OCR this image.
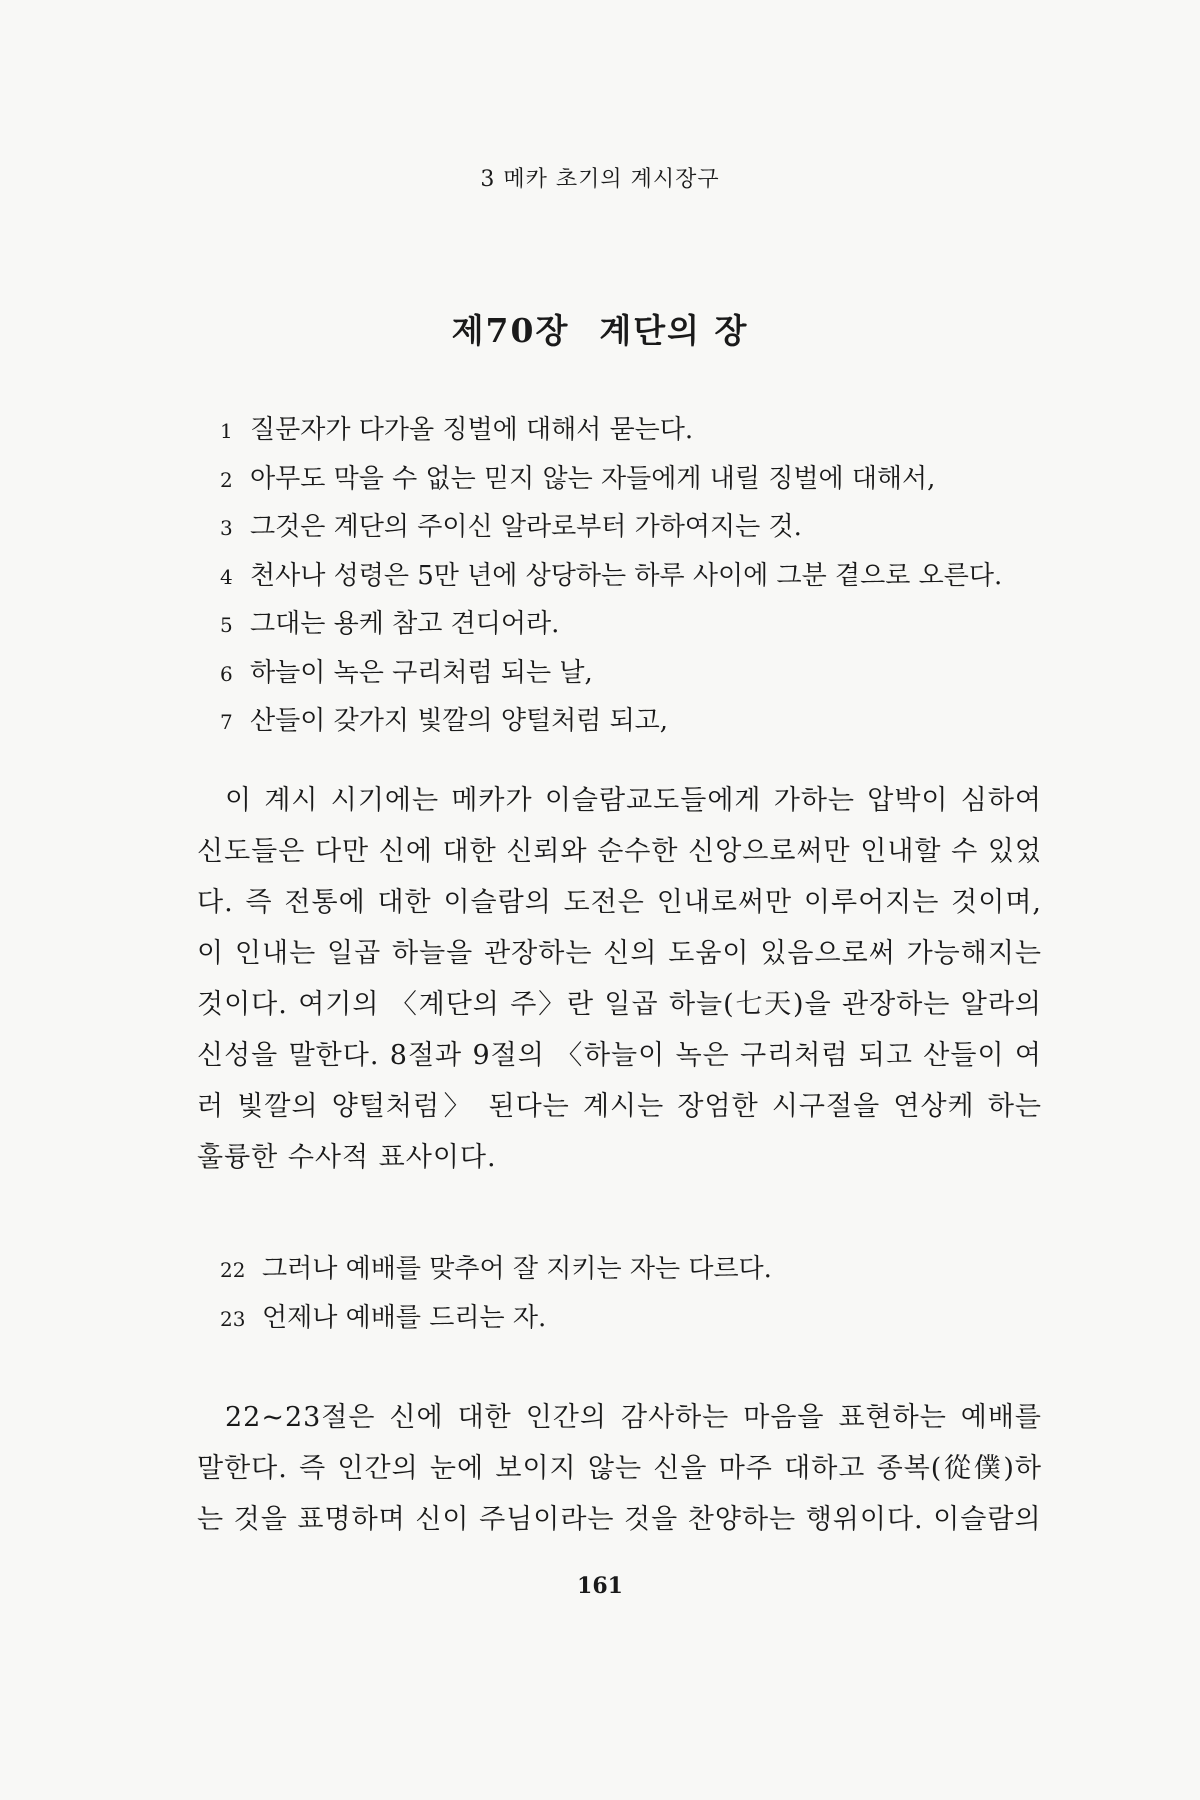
3 메카 초기의 계시장구
제70장 계단의 장
1 질문자가 다가올 징벌에 대해서 묻는다.
2 아무도 막을 수 없는 믿지 않는 자들에게 내릴 징벌에 대해서,
3 그것은 계단의 주이신 알라로부터 가하여지는 것.
4 천사나 성령은 5만 년에 상당하는 하루 사이에 그분 곁으로 오른다.
5 그대는 용케 참고 견디어라.
6 하늘이 녹은 구리처럼 되는 날,
7 산들이 갖가지 빛깔의 양털처럼 되고,

이 계시 시기에는 메카가 이슬람교도들에게 가하는 압박이 심하여 신도들은 다만 신에 대한 신뢰와 순수한 신앙으로써만 인내할 수 있었다. 즉 전통에 대한 이슬람의 도전은 인내로써만 이루어지는 것이며, 이 인내는 일곱 하늘을 관장하는 신의 도움이 있음으로써 가능해지는 것이다. 여기의 〈계단의 주〉란 일곱 하늘(七天)을 관장하는 알라의 신성을 말한다. 8절과 9절의 〈하늘이 녹은 구리처럼 되고 산들이 여러 빛깔의 양털처럼〉 된다는 계시는 장엄한 시구절을 연상케 하는 훌륭한 수사적 표사이다.

22 그러나 예배를 맞추어 잘 지키는 자는 다르다.
23 언제나 예배를 드리는 자.

22~23절은 신에 대한 인간의 감사하는 마음을 표현하는 예배를 말한다. 즉 인간의 눈에 보이지 않는 신을 마주 대하고 종복(從僕)하는 것을 표명하며 신이 주님이라는 것을 찬양하는 행위이다. 이슬람의

161
